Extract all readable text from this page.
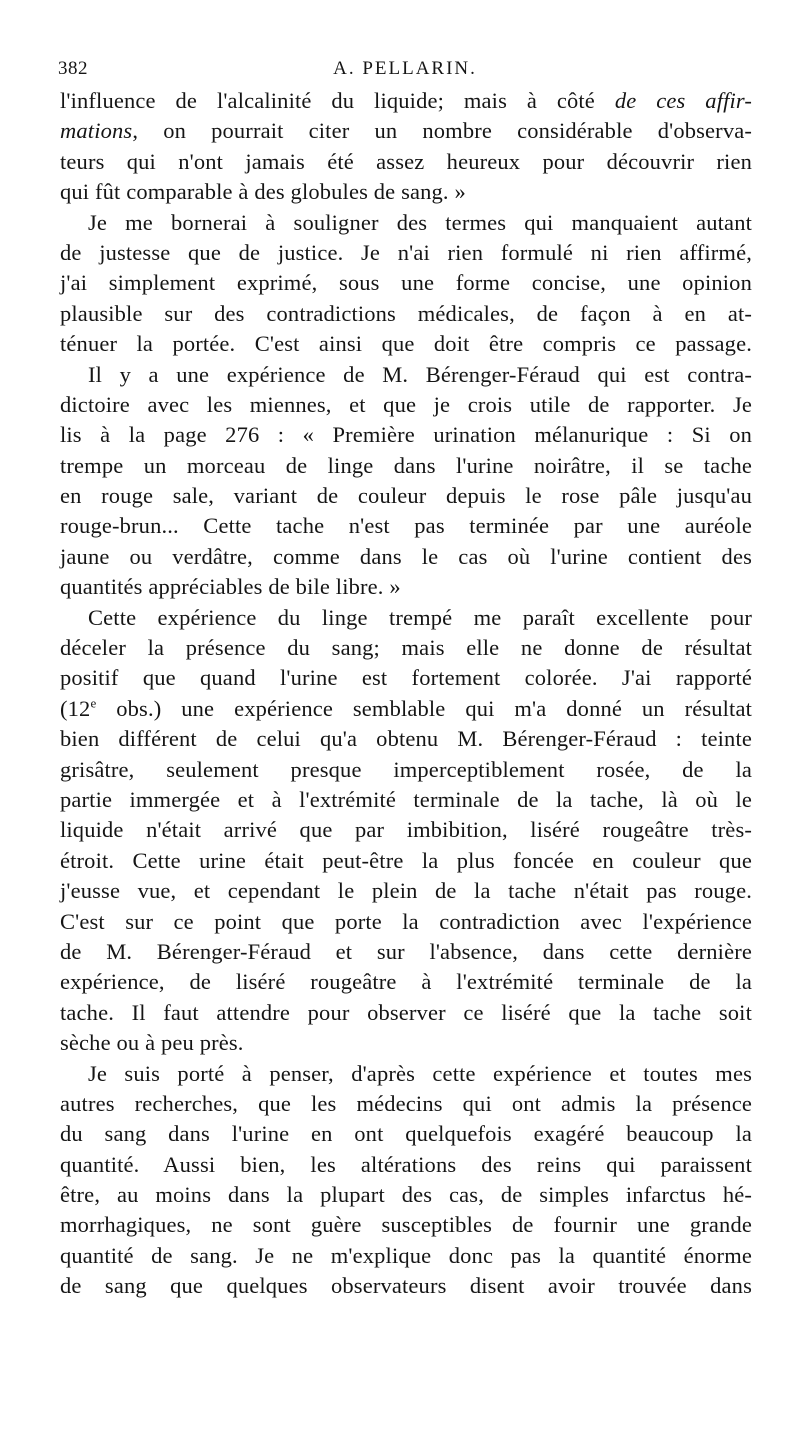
382	A. PELLARIN.
l'influence de l'alcalinité du liquide; mais à côté de ces affir-
mations, on pourrait citer un nombre considérable d'observa-
teurs qui n'ont jamais été assez heureux pour découvrir rien
qui fût comparable à des globules de sang. »
Je me bornerai à souligner des termes qui manquaient autant
de justesse que de justice. Je n'ai rien formulé ni rien affirmé,
j'ai simplement exprimé, sous une forme concise, une opinion
plausible sur des contradictions médicales, de façon à en at-
ténuer la portée. C'est ainsi que doit être compris ce passage.
Il y a une expérience de M. Bérenger-Féraud qui est contra-
dictoire avec les miennes, et que je crois utile de rapporter. Je
lis à la page 276 : « Première urination mélanurique : Si on
trempe un morceau de linge dans l'urine noirâtre, il se tache
en rouge sale, variant de couleur depuis le rose pâle jusqu'au
rouge-brun... Cette tache n'est pas terminée par une auréole
jaune ou verdâtre, comme dans le cas où l'urine contient des
quantités appréciables de bile libre. »
Cette expérience du linge trempé me paraît excellente pour
déceler la présence du sang; mais elle ne donne de résultat
positif que quand l'urine est fortement colorée. J'ai rapporté
(12e obs.) une expérience semblable qui m'a donné un résultat
bien différent de celui qu'a obtenu M. Bérenger-Féraud : teinte
grisâtre, seulement presque imperceptiblement rosée, de la
partie immergée et à l'extrémité terminale de la tache, là où le
liquide n'était arrivé que par imbibition, liséré rougeâtre très-
étroit. Cette urine était peut-être la plus foncée en couleur que
j'eusse vue, et cependant le plein de la tache n'était pas rouge.
C'est sur ce point que porte la contradiction avec l'expérience
de M. Bérenger-Féraud et sur l'absence, dans cette dernière
expérience, de liséré rougeâtre à l'extrémité terminale de la
tache. Il faut attendre pour observer ce liséré que la tache soit
sèche ou à peu près.
Je suis porté à penser, d'après cette expérience et toutes mes
autres recherches, que les médecins qui ont admis la présence
du sang dans l'urine en ont quelquefois exagéré beaucoup la
quantité. Aussi bien, les altérations des reins qui paraissent
être, au moins dans la plupart des cas, de simples infarctus hé-
morrhagiques, ne sont guère susceptibles de fournir une grande
quantité de sang. Je ne m'explique donc pas la quantité énorme
de sang que quelques observateurs disent avoir trouvée dans
